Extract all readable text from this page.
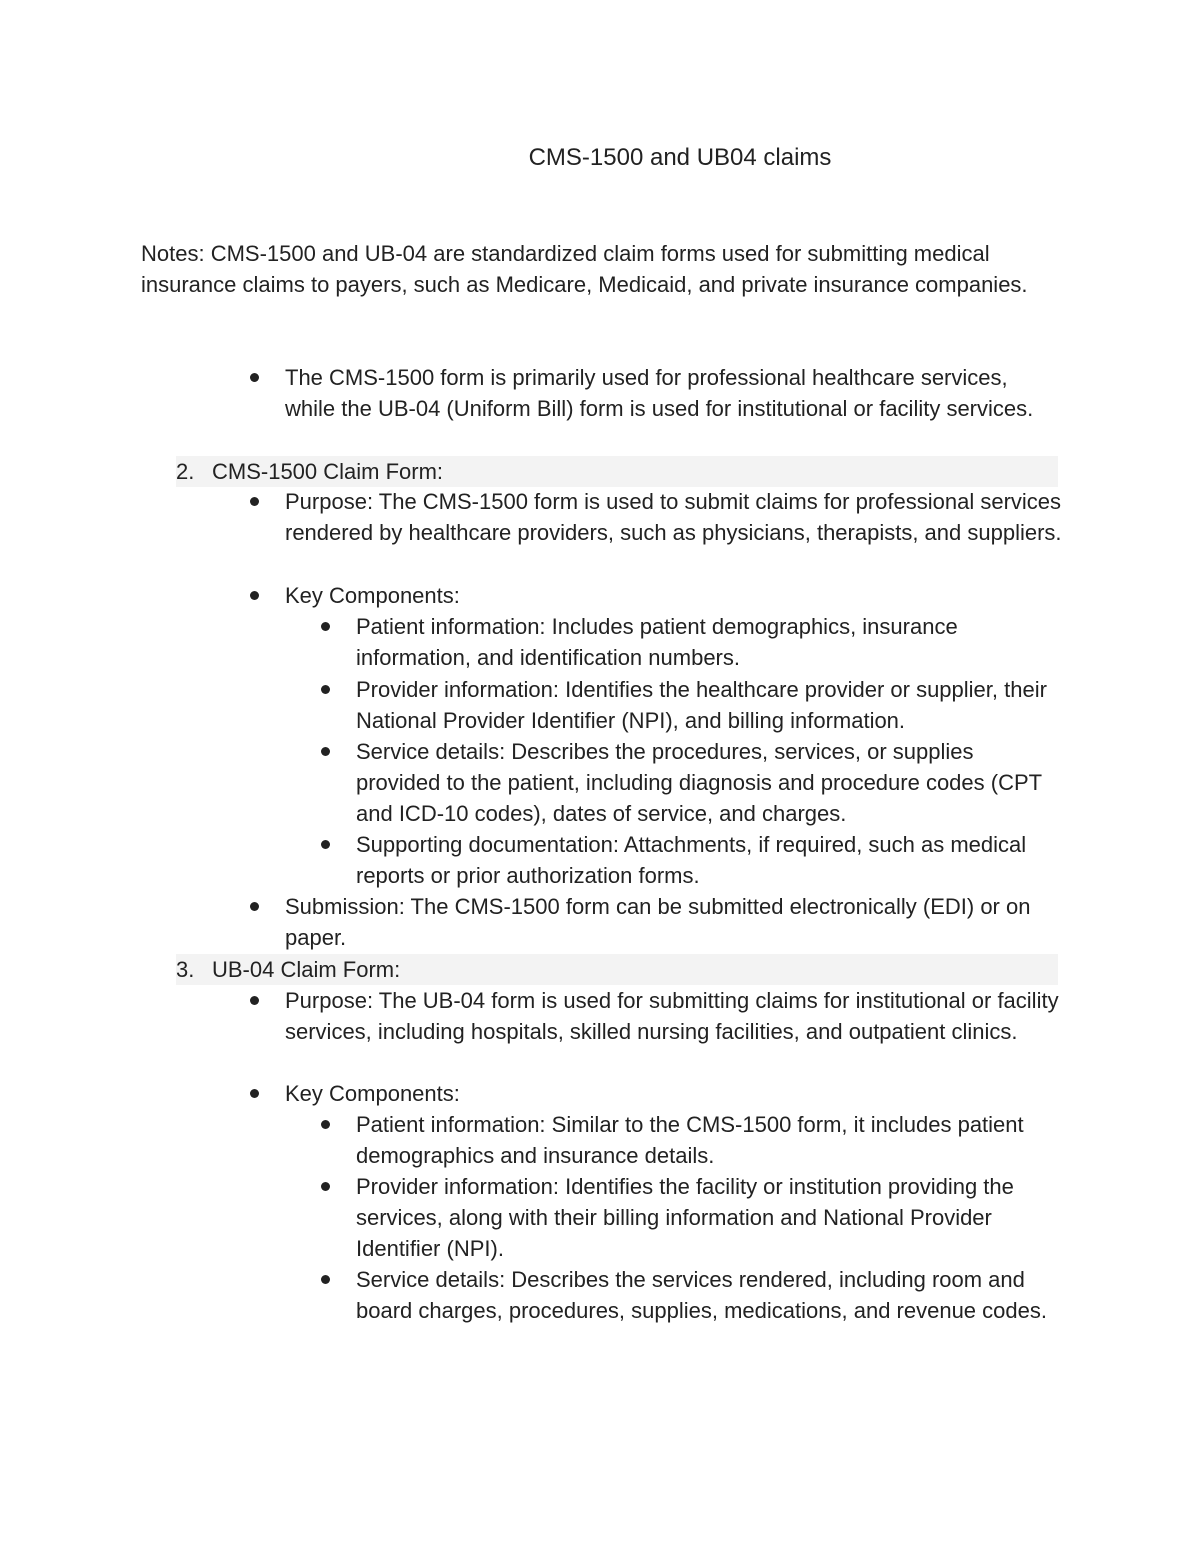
CMS-1500 and UB04 claims

Notes: CMS-1500 and UB-04 are standardized claim forms used for submitting medical insurance claims to payers, such as Medicare, Medicaid, and private insurance companies.

The CMS-1500 form is primarily used for professional healthcare services, while the UB-04 (Uniform Bill) form is used for institutional or facility services.
2. CMS-1500 Claim Form:
Purpose: The CMS-1500 form is used to submit claims for professional services rendered by healthcare providers, such as physicians, therapists, and suppliers.
Key Components:
Patient information: Includes patient demographics, insurance information, and identification numbers.
Provider information: Identifies the healthcare provider or supplier, their National Provider Identifier (NPI), and billing information.
Service details: Describes the procedures, services, or supplies provided to the patient, including diagnosis and procedure codes (CPT and ICD-10 codes), dates of service, and charges.
Supporting documentation: Attachments, if required, such as medical reports or prior authorization forms.
Submission: The CMS-1500 form can be submitted electronically (EDI) or on paper.
3. UB-04 Claim Form:
Purpose: The UB-04 form is used for submitting claims for institutional or facility services, including hospitals, skilled nursing facilities, and outpatient clinics.
Key Components:
Patient information: Similar to the CMS-1500 form, it includes patient demographics and insurance details.
Provider information: Identifies the facility or institution providing the services, along with their billing information and National Provider Identifier (NPI).
Service details: Describes the services rendered, including room and board charges, procedures, supplies, medications, and revenue codes.
